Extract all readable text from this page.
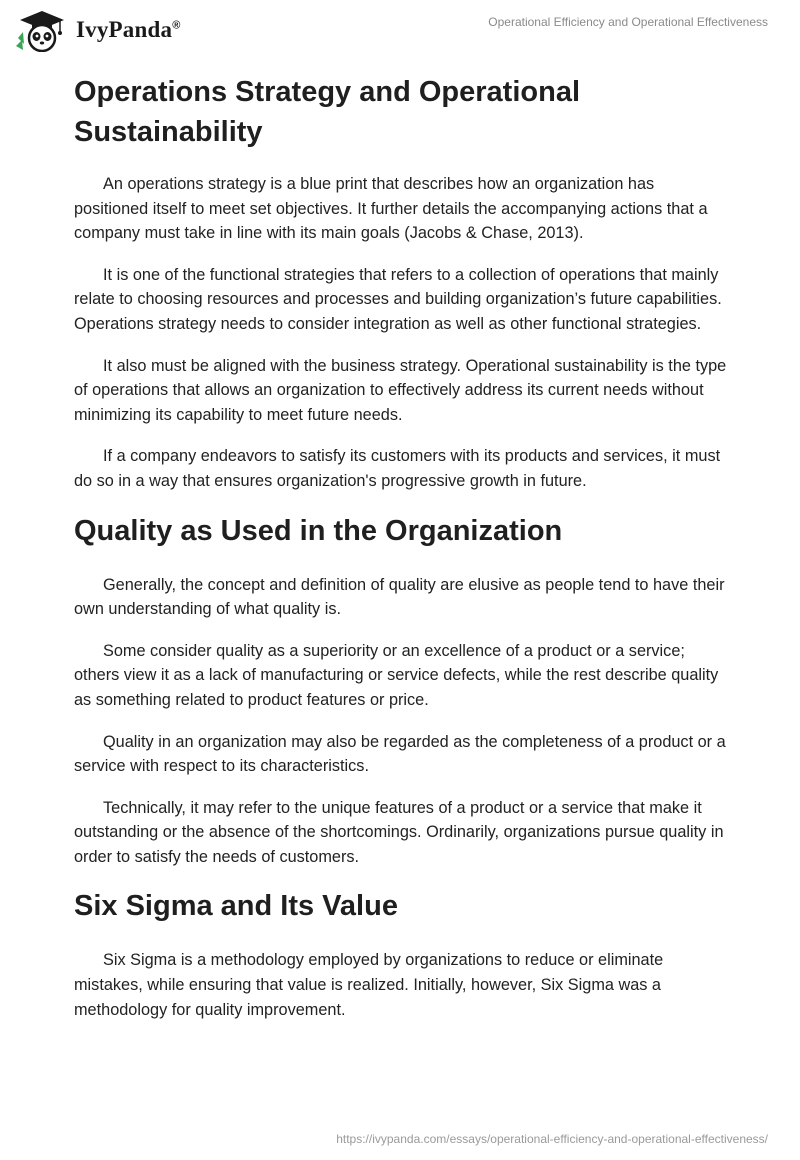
IvyPanda®	Operational Efficiency and Operational Effectiveness
Operations Strategy and Operational Sustainability

An operations strategy is a blue print that describes how an organization has positioned itself to meet set objectives. It further details the accompanying actions that a company must take in line with its main goals (Jacobs & Chase, 2013).

It is one of the functional strategies that refers to a collection of operations that mainly relate to choosing resources and processes and building organization’s future capabilities. Operations strategy needs to consider integration as well as other functional strategies.

It also must be aligned with the business strategy. Operational sustainability is the type of operations that allows an organization to effectively address its current needs without minimizing its capability to meet future needs.

If a company endeavors to satisfy its customers with its products and services, it must do so in a way that ensures organization's progressive growth in future.

Quality as Used in the Organization

Generally, the concept and definition of quality are elusive as people tend to have their own understanding of what quality is.

Some consider quality as a superiority or an excellence of a product or a service; others view it as a lack of manufacturing or service defects, while the rest describe quality as something related to product features or price.

Quality in an organization may also be regarded as the completeness of a product or a service with respect to its characteristics.

Technically, it may refer to the unique features of a product or a service that make it outstanding or the absence of the shortcomings. Ordinarily, organizations pursue quality in order to satisfy the needs of customers.

Six Sigma and Its Value

Six Sigma is a methodology employed by organizations to reduce or eliminate mistakes, while ensuring that value is realized. Initially, however, Six Sigma was a methodology for quality improvement.

https://ivypanda.com/essays/operational-efficiency-and-operational-effectiveness/
